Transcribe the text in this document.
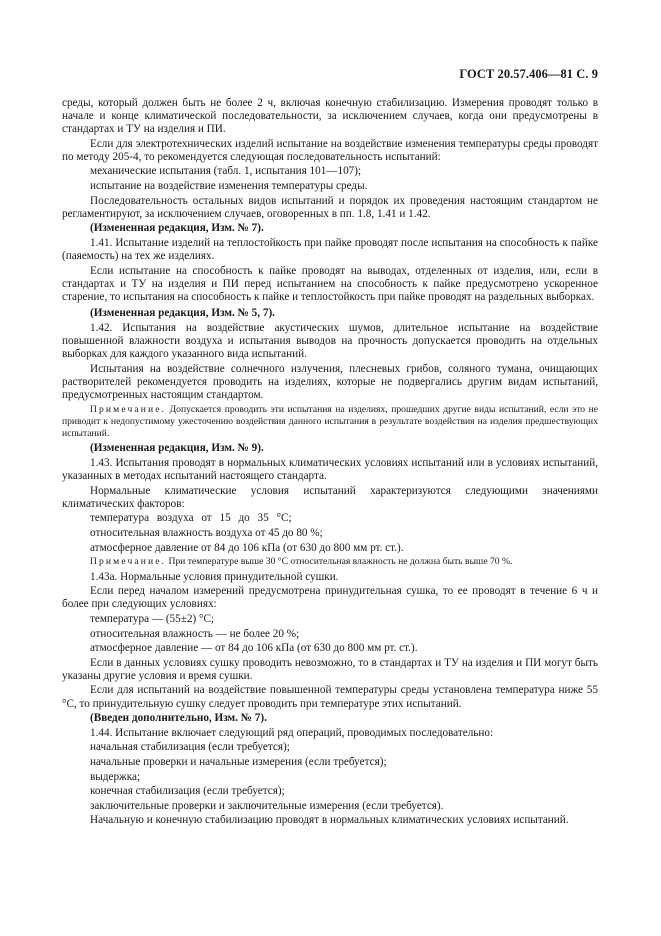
ГОСТ 20.57.406—81 С. 9

среды, который должен быть не более 2 ч, включая конечную стабилизацию. Измерения проводят только в начале и конце климатической последовательности, за исключением случаев, когда они предусмотрены в стандартах и ТУ на изделия и ПИ.

Если для электротехнических изделий испытание на воздействие изменения температуры среды проводят по методу 205-4, то рекомендуется следующая последовательность испытаний:

механические испытания (табл. 1, испытания 101—107);

испытание на воздействие изменения температуры среды.

Последовательность остальных видов испытаний и порядок их проведения настоящим стандартом не регламентируют, за исключением случаев, оговоренных в пп. 1.8, 1.41 и 1.42.

(Измененная редакция, Изм. № 7).

1.41. Испытание изделий на теплостойкость при пайке проводят после испытания на способность к пайке (паяемость) на тех же изделиях.

Если испытание на способность к пайке проводят на выводах, отделенных от изделия, или, если в стандартах и ТУ на изделия и ПИ перед испытанием на способность к пайке предусмотрено ускоренное старение, то испытания на способность к пайке и теплостойкость при пайке проводят на раздельных выборках.

(Измененная редакция, Изм. № 5, 7).

1.42. Испытания на воздействие акустических шумов, длительное испытание на воздействие повышенной влажности воздуха и испытания выводов на прочность допускается проводить на отдельных выборках для каждого указанного вида испытаний.

Испытания на воздействие солнечного излучения, плесневых грибов, соляного тумана, очищающих растворителей рекомендуется проводить на изделиях, которые не подвергались другим видам испытаний, предусмотренных настоящим стандартом.

Примечание. Допускается проводить эти испытания на изделиях, прошедших другие виды испытаний, если это не приводит к недопустимому ужесточению воздействия данного испытания в результате воздействия на изделия предшествующих испытаний.

(Измененная редакция, Изм. № 9).

1.43. Испытания проводят в нормальных климатических условиях испытаний или в условиях испытаний, указанных в методах испытаний настоящего стандарта.

Нормальные климатические условия испытаний характеризуются следующими значениями климатических факторов:

температура воздуха от 15 до 35 °С;

относительная влажность воздуха от 45 до 80 %;

атмосферное давление от 84 до 106 кПа (от 630 до 800 мм рт. ст.).

Примечание. При температуре выше 30 °С относительная влажность не должна быть выше 70 %.

1.43а. Нормальные условия принудительной сушки.

Если перед началом измерений предусмотрена принудительная сушка, то ее проводят в течение 6 ч и более при следующих условиях:

температура — (55±2) °С;

относительная влажность — не более 20 %;

атмосферное давление — от 84 до 106 кПа (от 630 до 800 мм рт. ст.).

Если в данных условиях сушку проводить невозможно, то в стандартах и ТУ на изделия и ПИ могут быть указаны другие условия и время сушки.

Если для испытаний на воздействие повышенной температуры среды установлена температура ниже 55 °С, то принудительную сушку следует проводить при температуре этих испытаний.

(Введен дополнительно, Изм. № 7).

1.44. Испытание включает следующий ряд операций, проводимых последовательно:

начальная стабилизация (если требуется);

начальные проверки и начальные измерения (если требуется);

выдержка;

конечная стабилизация (если требуется);

заключительные проверки и заключительные измерения (если требуется).

Начальную и конечную стабилизацию проводят в нормальных климатических условиях испытаний.
